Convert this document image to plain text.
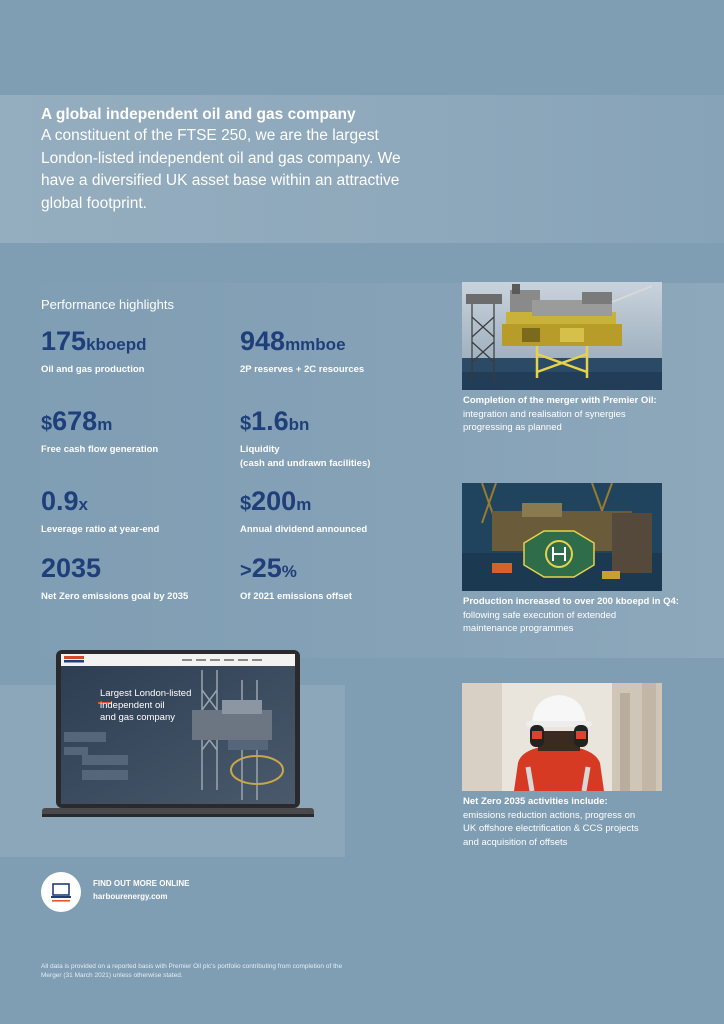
A global independent oil and gas company
A constituent of the FTSE 250, we are the largest London-listed independent oil and gas company. We have a diversified UK asset base within an attractive global footprint.
Performance highlights
175kboepd
Oil and gas production
948mmboe
2P reserves + 2C resources
$678m
Free cash flow generation
$1.6bn
Liquidity
(cash and undrawn facilities)
0.9x
Leverage ratio at year-end
$200m
Annual dividend announced
2035
Net Zero emissions goal by 2035
>25%
Of 2021 emissions offset
Completion of the merger with Premier Oil:
integration and realisation of synergies
progressing as planned
Production increased to over 200 kboepd in Q4:
following safe execution of extended
maintenance programmes
Net Zero 2035 activities include:
emissions reduction actions, progress on
UK offshore electrification & CCS projects
and acquisition of offsets
Largest London-listed
independent oil
and gas company
FIND OUT MORE ONLINE
harbourenergy.com
All data is provided on a reported basis with Premier Oil plc's portfolio contributing from completion of the Merger (31 March 2021) unless otherwise stated.
